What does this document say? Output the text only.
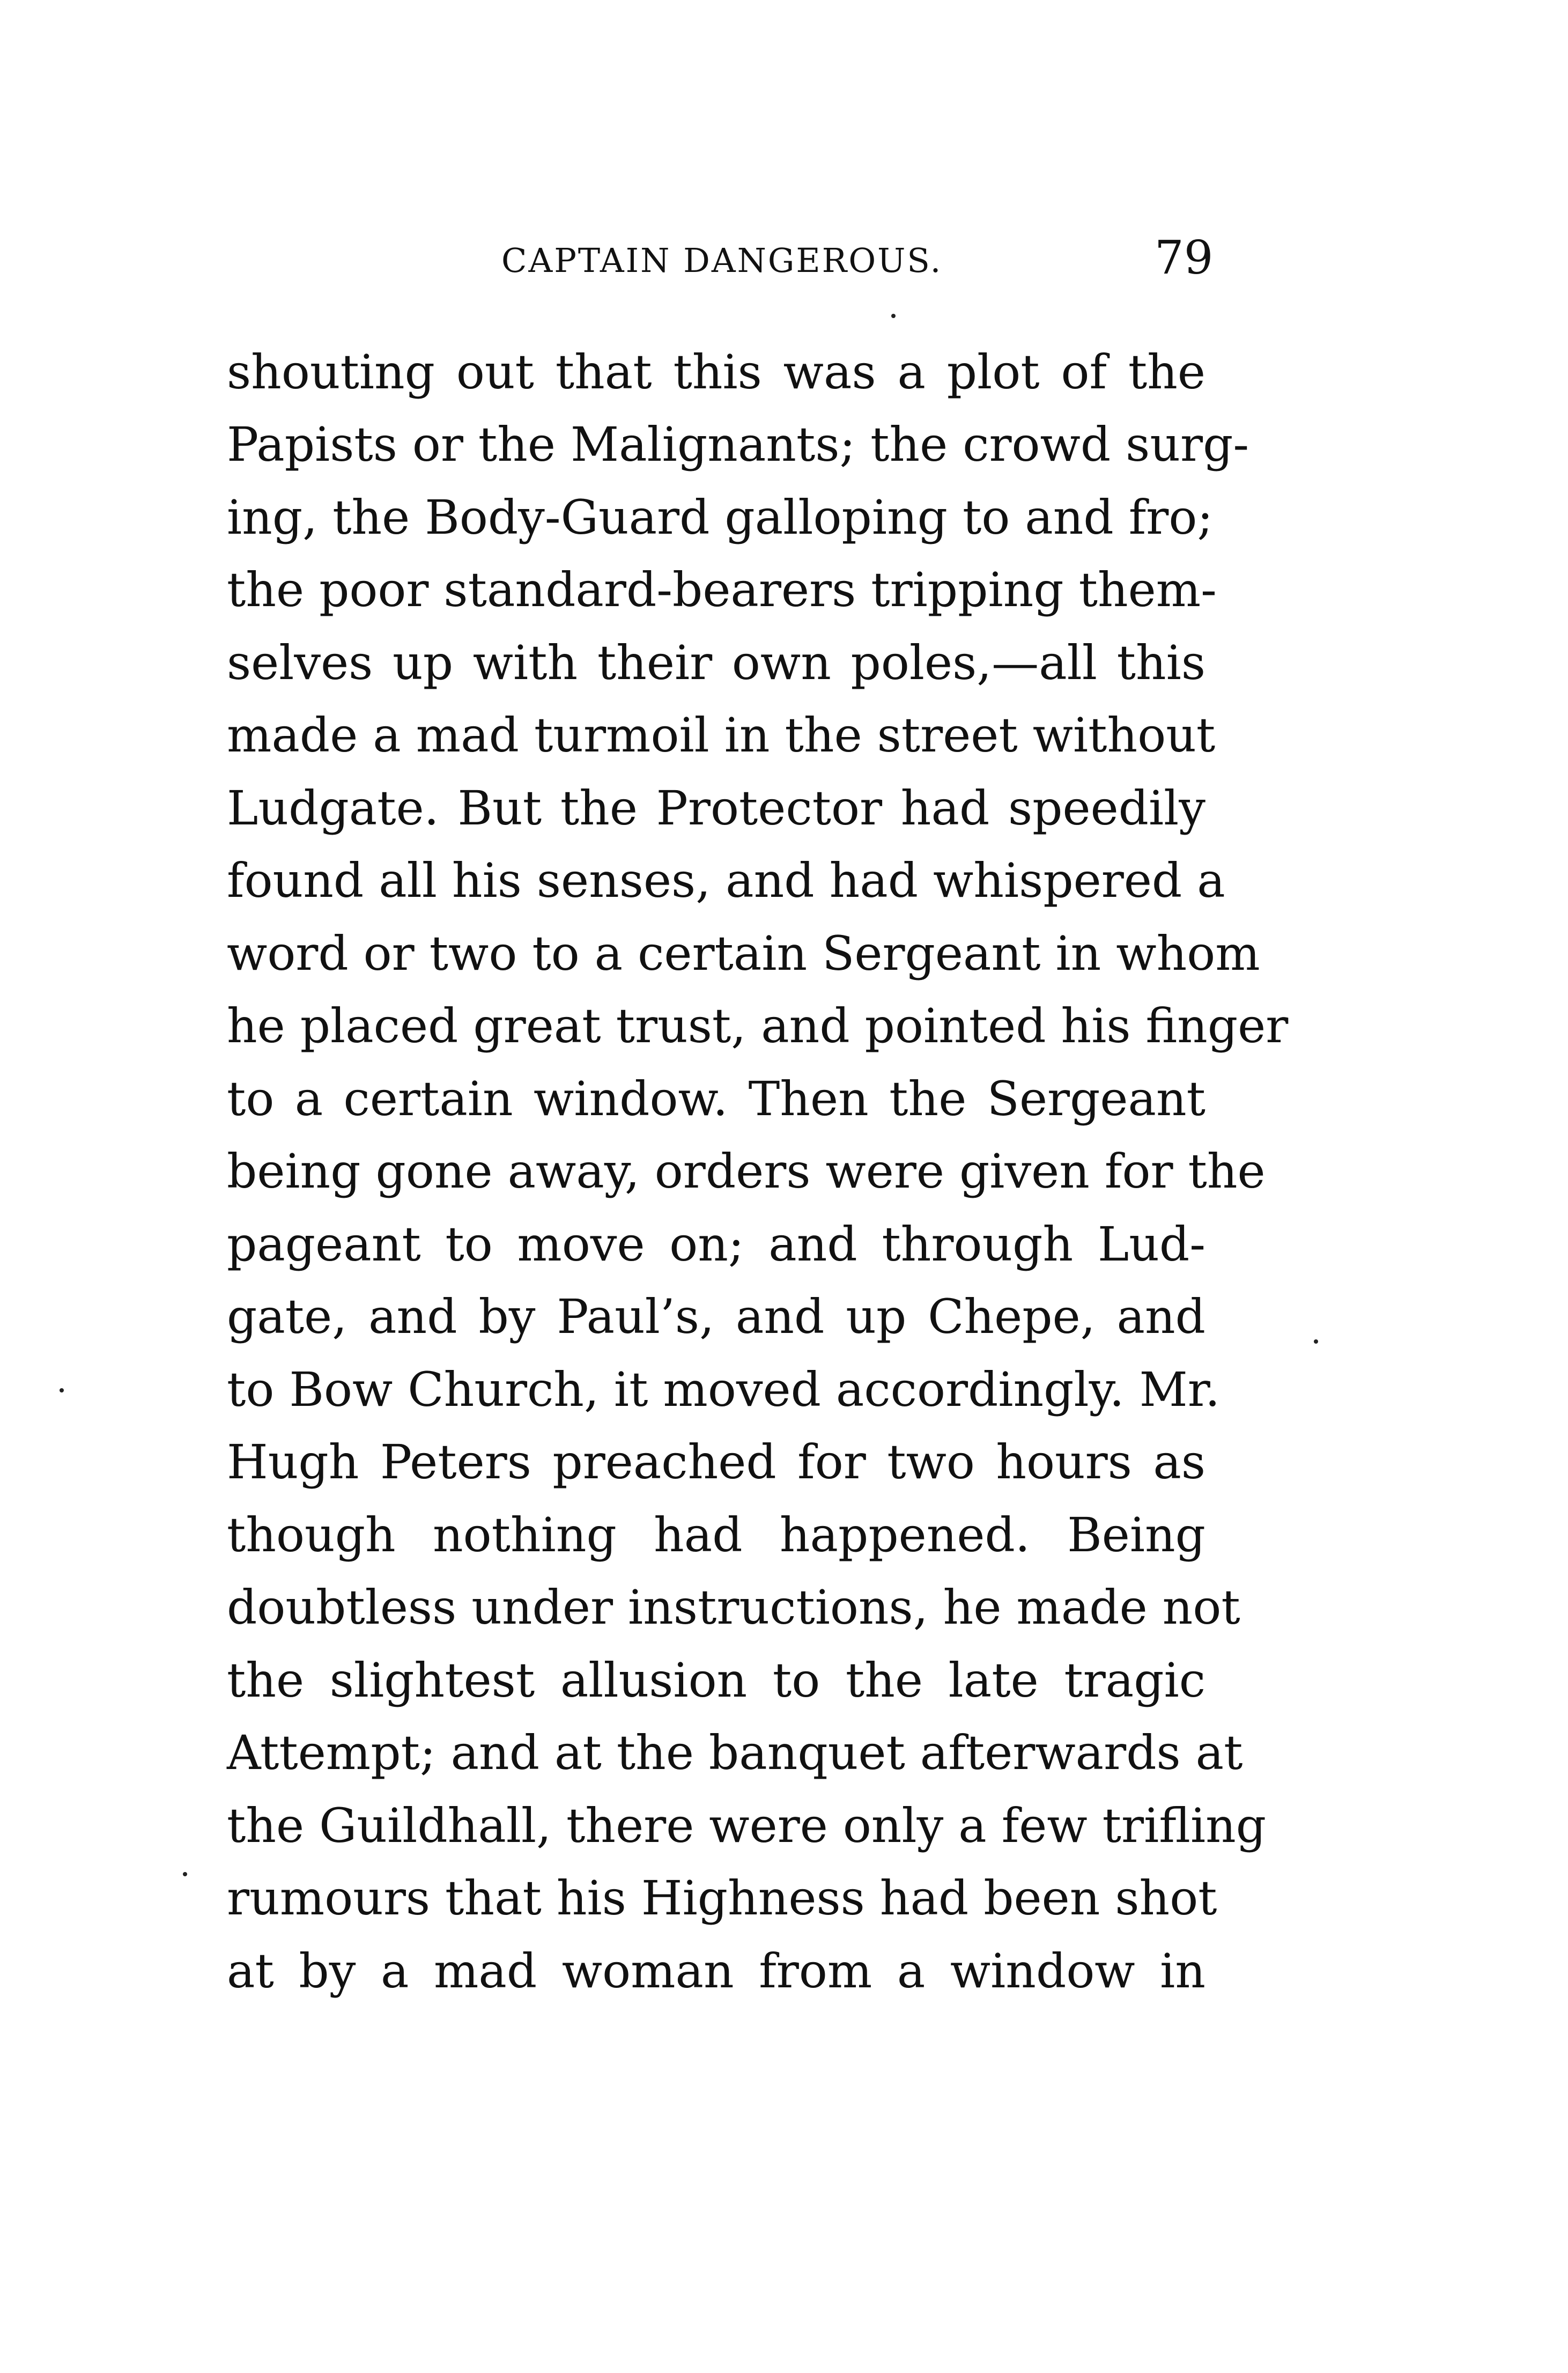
CAPTAIN DANGEROUS.	79
shouting out that this was a plot of the
Papists or the Malignants; the crowd surg-
ing, the Body-Guard galloping to and fro;
the poor standard-bearers tripping them-
selves up with their own poles,—all this
made a mad turmoil in the street without
Ludgate. But the Protector had speedily
found all his senses, and had whispered a
word or two to a certain Sergeant in whom
he placed great trust, and pointed his finger
to a certain window. Then the Sergeant
being gone away, orders were given for the
pageant to move on; and through Lud-
gate, and by Paul’s, and up Chepe, and
to Bow Church, it moved accordingly. Mr.
Hugh Peters preached for two hours as
though nothing had happened. Being
doubtless under instructions, he made not
the slightest allusion to the late tragic
Attempt; and at the banquet afterwards at
the Guildhall, there were only a few trifling
rumours that his Highness had been shot
at by a mad woman from a window in
